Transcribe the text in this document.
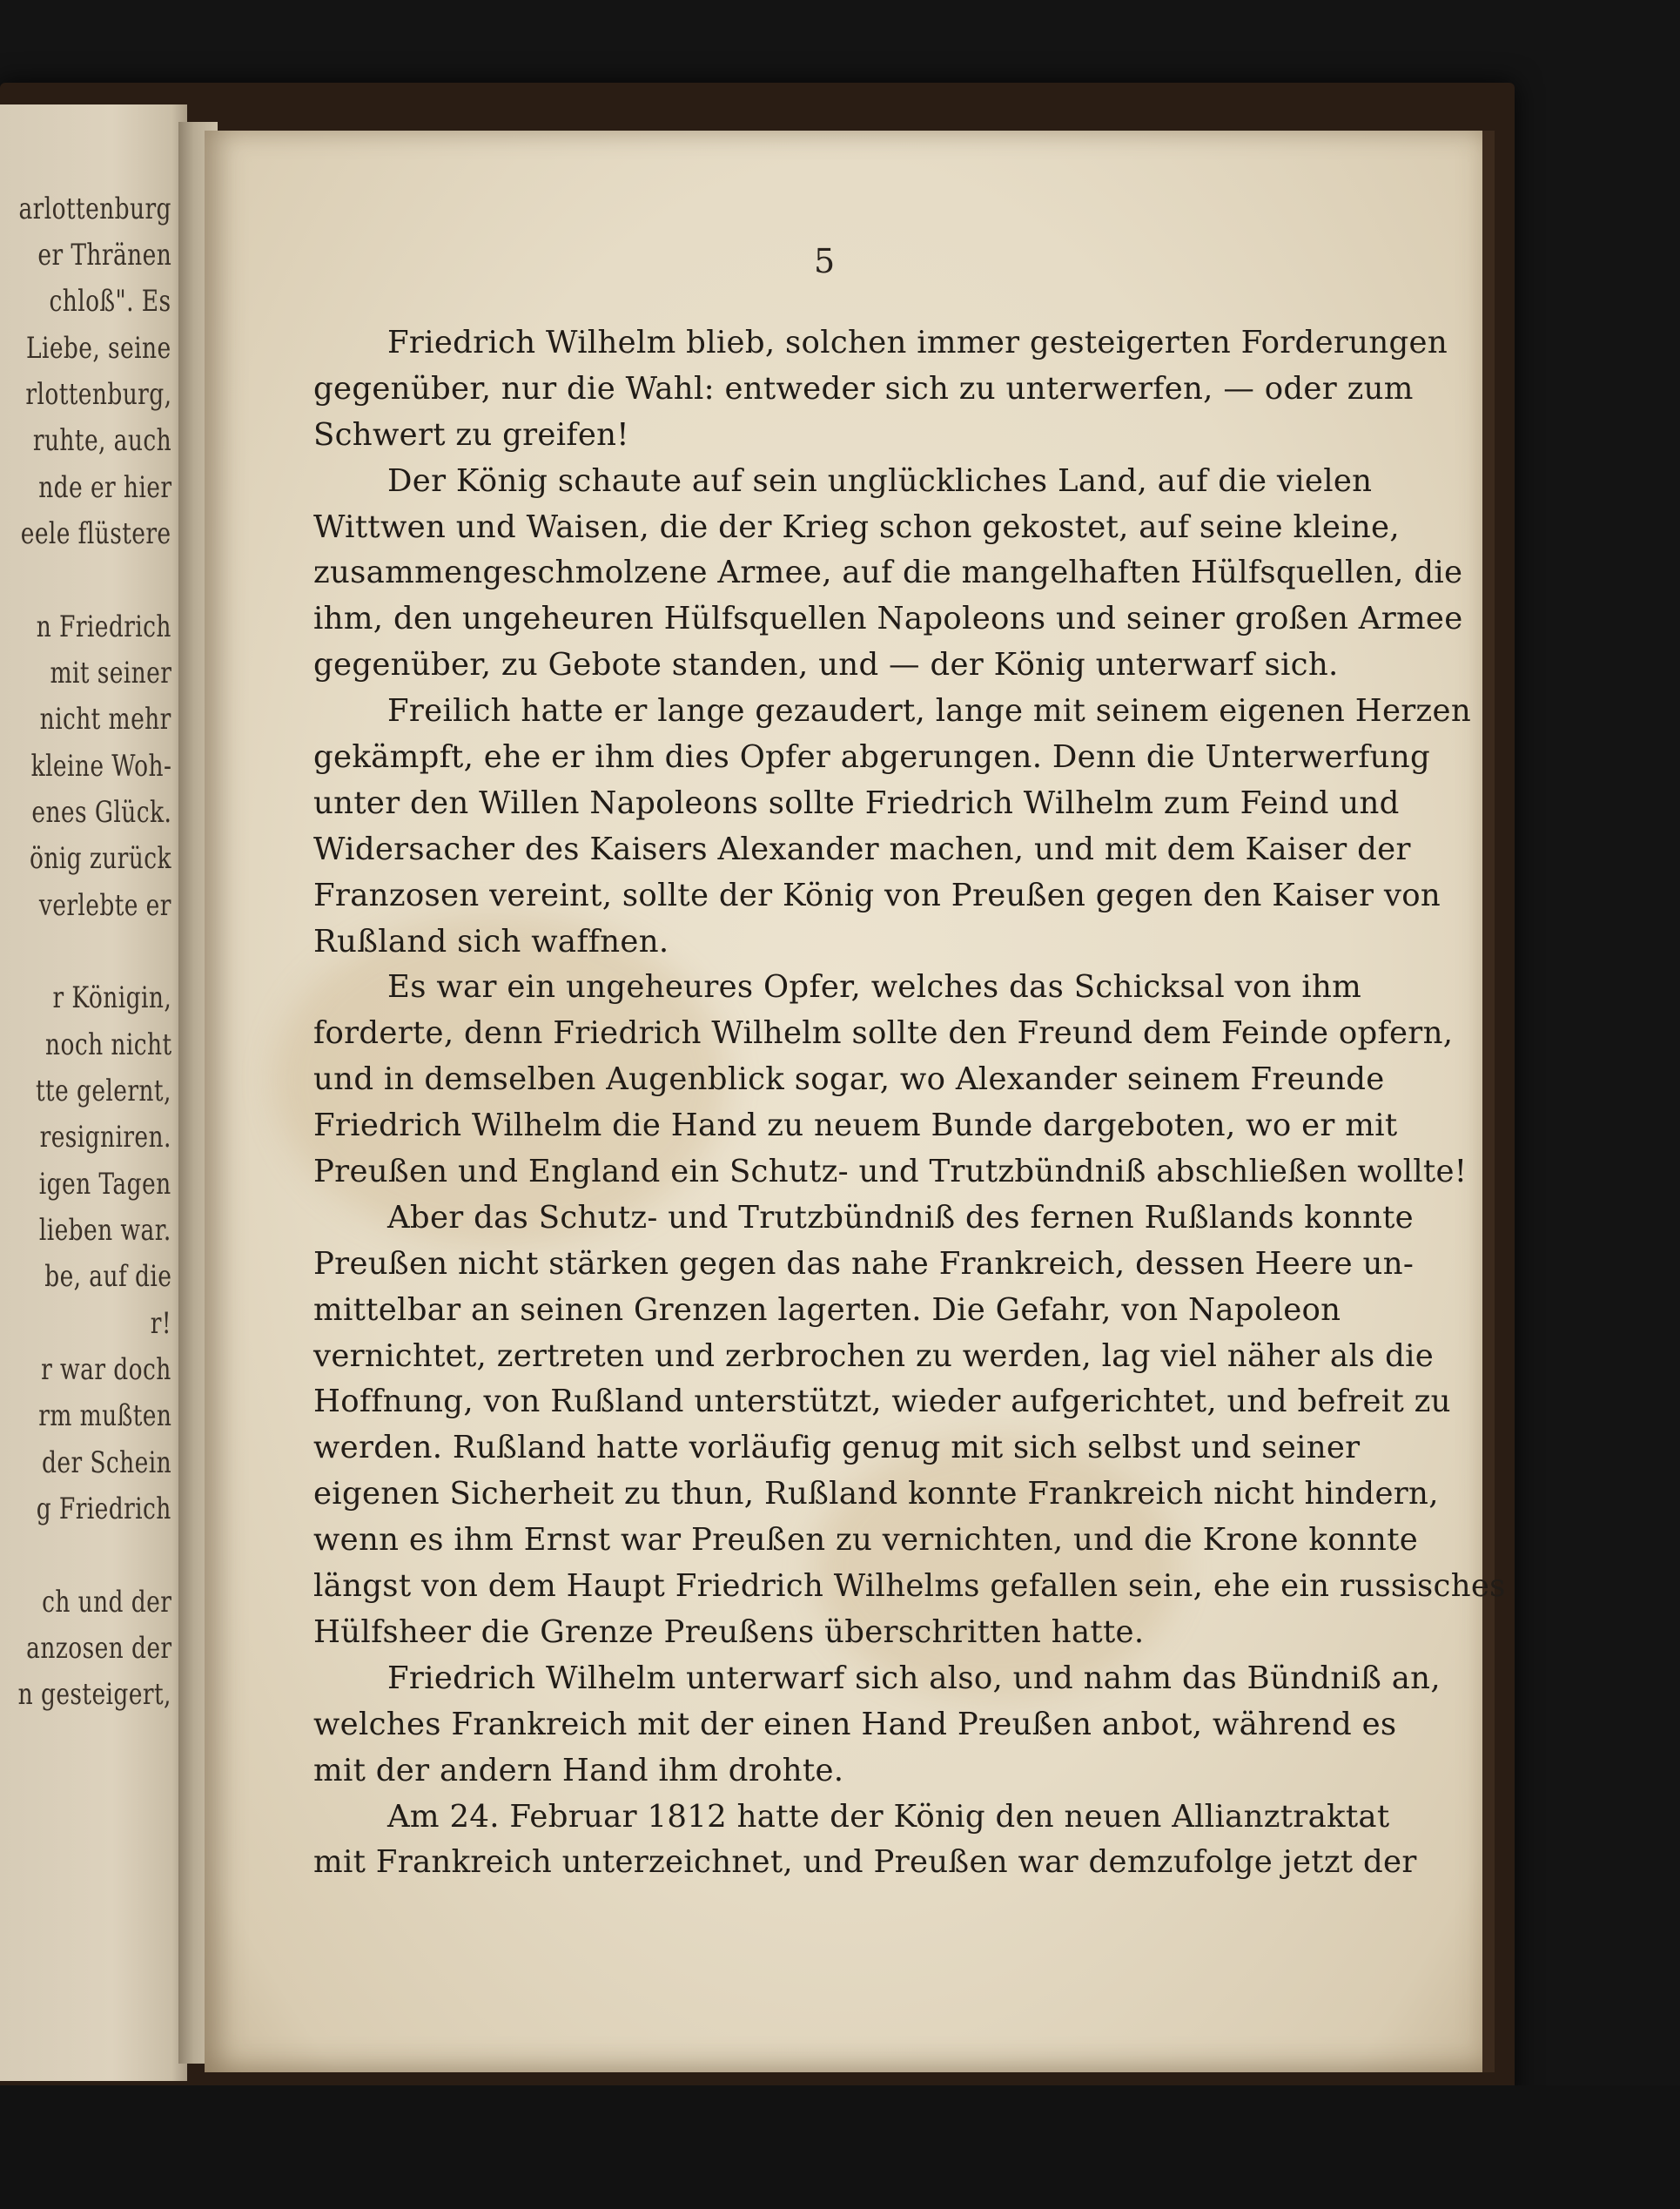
arlottenburg
er Thränen
chloß". Es
Liebe, seine
rlottenburg,
ruhte, auch
nde er hier
eele flüstere
n Friedrich
mit seiner
nicht mehr
kleine Woh-
enes Glück.
önig zurück
verlebte er
r Königin,
noch nicht
tte gelernt,
resigniren.
igen Tagen
lieben war.
be, auf die
r!
r war doch
rm mußten
der Schein
g Friedrich
ch und der
anzosen der
n gesteigert,
5
Friedrich Wilhelm blieb, solchen immer gesteigerten Forderungen
gegenüber, nur die Wahl: entweder sich zu unterwerfen, — oder zum
Schwert zu greifen!
Der König schaute auf sein unglückliches Land, auf die vielen
Wittwen und Waisen, die der Krieg schon gekostet, auf seine kleine,
zusammengeschmolzene Armee, auf die mangelhaften Hülfsquellen, die
ihm, den ungeheuren Hülfsquellen Napoleons und seiner großen Armee
gegenüber, zu Gebote standen, und — der König unterwarf sich.
Freilich hatte er lange gezaudert, lange mit seinem eigenen Herzen
gekämpft, ehe er ihm dies Opfer abgerungen. Denn die Unterwerfung
unter den Willen Napoleons sollte Friedrich Wilhelm zum Feind und
Widersacher des Kaisers Alexander machen, und mit dem Kaiser der
Franzosen vereint, sollte der König von Preußen gegen den Kaiser von
Rußland sich waffnen.
Es war ein ungeheures Opfer, welches das Schicksal von ihm
forderte, denn Friedrich Wilhelm sollte den Freund dem Feinde opfern,
und in demselben Augenblick sogar, wo Alexander seinem Freunde
Friedrich Wilhelm die Hand zu neuem Bunde dargeboten, wo er mit
Preußen und England ein Schutz- und Trutzbündniß abschließen wollte!
Aber das Schutz- und Trutzbündniß des fernen Rußlands konnte
Preußen nicht stärken gegen das nahe Frankreich, dessen Heere un-
mittelbar an seinen Grenzen lagerten. Die Gefahr, von Napoleon
vernichtet, zertreten und zerbrochen zu werden, lag viel näher als die
Hoffnung, von Rußland unterstützt, wieder aufgerichtet, und befreit zu
werden. Rußland hatte vorläufig genug mit sich selbst und seiner
eigenen Sicherheit zu thun, Rußland konnte Frankreich nicht hindern,
wenn es ihm Ernst war Preußen zu vernichten, und die Krone konnte
längst von dem Haupt Friedrich Wilhelms gefallen sein, ehe ein russisches
Hülfsheer die Grenze Preußens überschritten hatte.
Friedrich Wilhelm unterwarf sich also, und nahm das Bündniß an,
welches Frankreich mit der einen Hand Preußen anbot, während es
mit der andern Hand ihm drohte.
Am 24. Februar 1812 hatte der König den neuen Allianztraktat
mit Frankreich unterzeichnet, und Preußen war demzufolge jetzt der
